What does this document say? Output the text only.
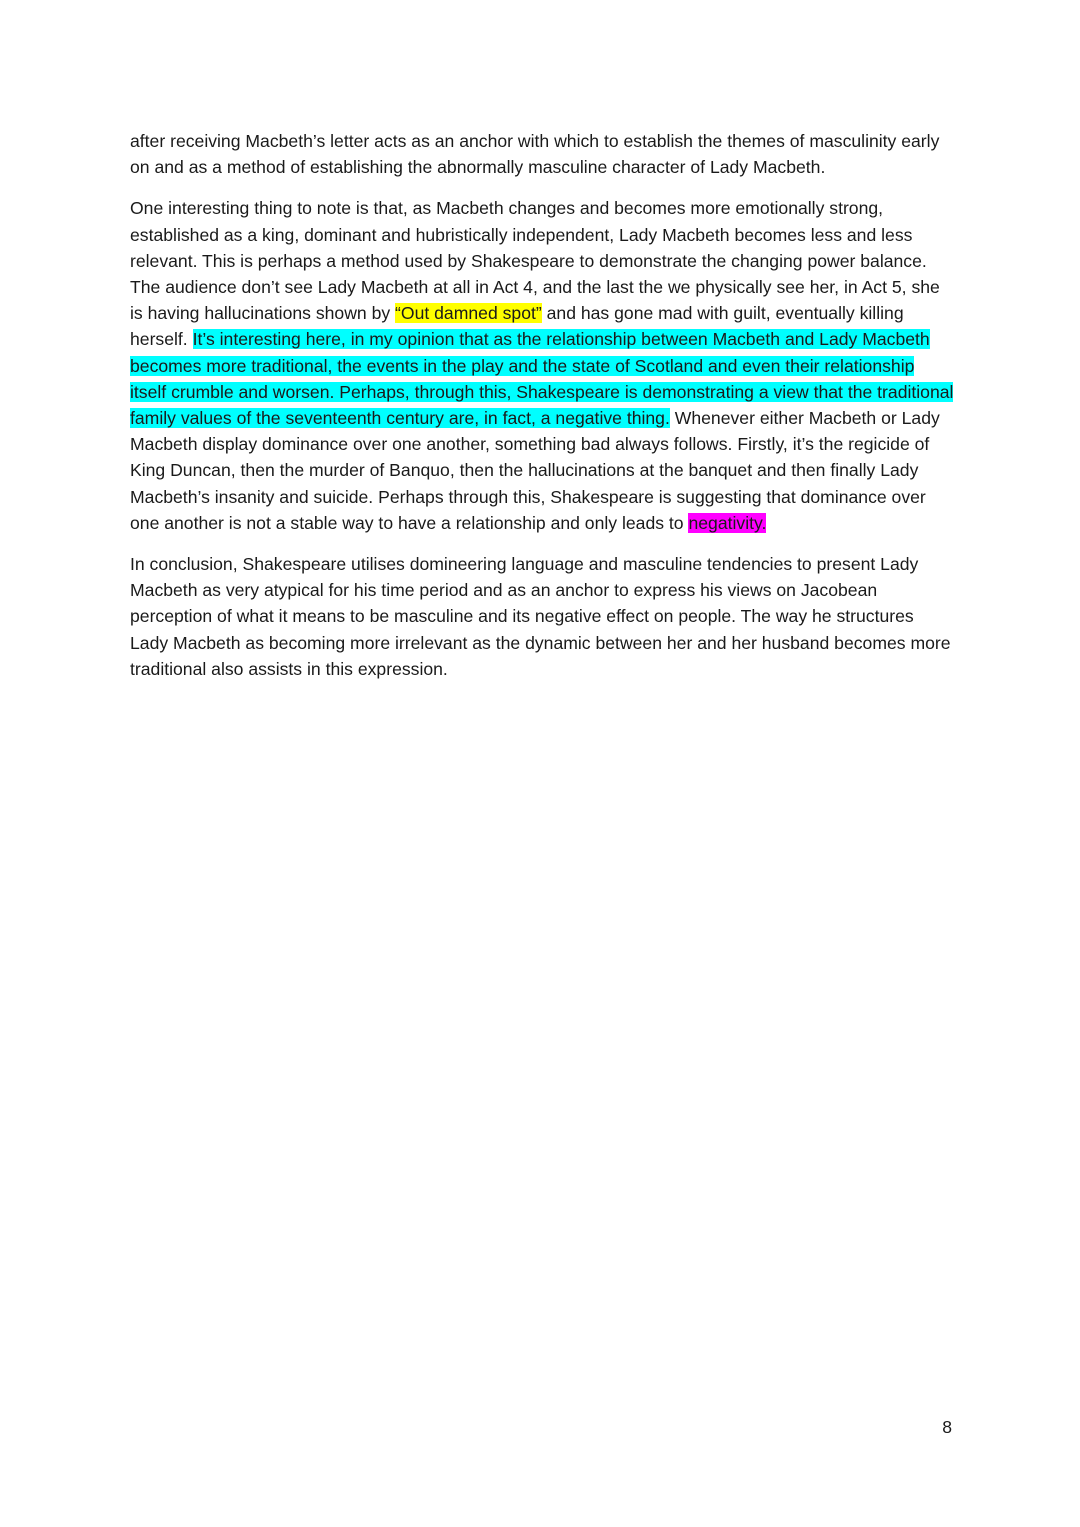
after receiving Macbeth’s letter acts as an anchor with which to establish the themes of masculinity early on and as a method of establishing the abnormally masculine character of Lady Macbeth.

One interesting thing to note is that, as Macbeth changes and becomes more emotionally strong, established as a king, dominant and hubristically independent, Lady Macbeth becomes less and less relevant. This is perhaps a method used by Shakespeare to demonstrate the changing power balance. The audience don’t see Lady Macbeth at all in Act 4, and the last the we physically see her, in Act 5, she is having hallucinations shown by “Out damned spot” and has gone mad with guilt, eventually killing herself. It’s interesting here, in my opinion that as the relationship between Macbeth and Lady Macbeth becomes more traditional, the events in the play and the state of Scotland and even their relationship itself crumble and worsen. Perhaps, through this, Shakespeare is demonstrating a view that the traditional family values of the seventeenth century are, in fact, a negative thing. Whenever either Macbeth or Lady Macbeth display dominance over one another, something bad always follows. Firstly, it’s the regicide of King Duncan, then the murder of Banquo, then the hallucinations at the banquet and then finally Lady Macbeth’s insanity and suicide. Perhaps through this, Shakespeare is suggesting that dominance over one another is not a stable way to have a relationship and only leads to negativity.

In conclusion, Shakespeare utilises domineering language and masculine tendencies to present Lady Macbeth as very atypical for his time period and as an anchor to express his views on Jacobean perception of what it means to be masculine and its negative effect on people. The way he structures Lady Macbeth as becoming more irrelevant as the dynamic between her and her husband becomes more traditional also assists in this expression.

8
